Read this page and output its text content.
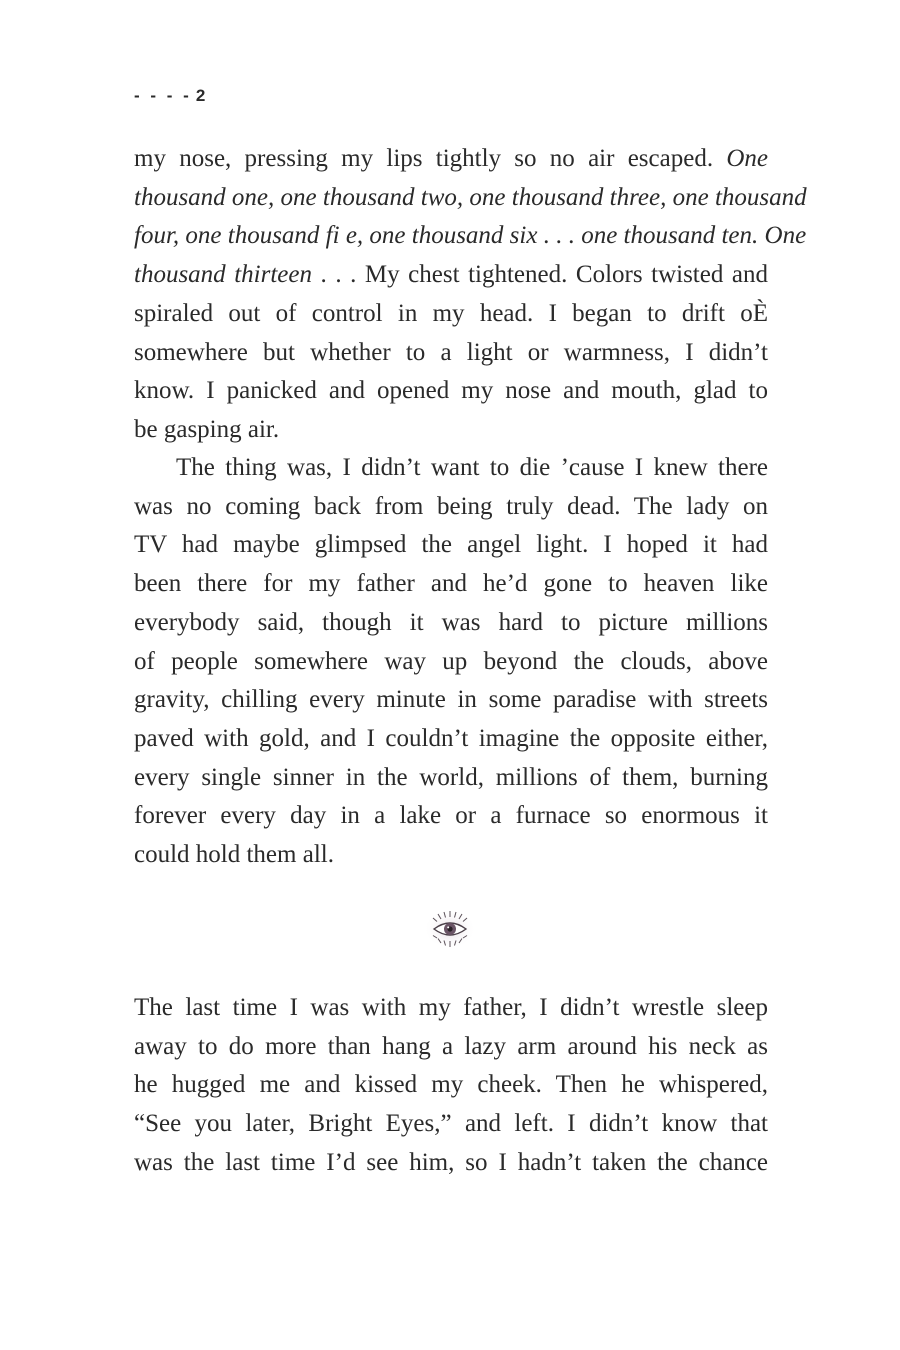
- - - - 2
my nose, pressing my lips tightly so no air escaped. One
thousand one, one thousand two, one thousand three, one thousand
four, one thousand fi e, one thousand six . . . one thousand ten. One
thousand thirteen . . . My chest tightened. Colors twisted and
spiraled out of control in my head. I began to drift oÈ
somewhere but whether to a light or warmness, I didn’t
know. I panicked and opened my nose and mouth, glad to
be gasping air.
The thing was, I didn’t want to die ’cause I knew there
was no coming back from being truly dead. The lady on
TV had maybe glimpsed the angel light. I hoped it had
been there for my father and he’d gone to heaven like
everybody said, though it was hard to picture millions
of people somewhere way up beyond the clouds, above
gravity, chilling every minute in some paradise with streets
paved with gold, and I couldn’t imagine the opposite either,
every single sinner in the world, millions of them, burning
forever every day in a lake or a furnace so enormous it
could hold them all.
The last time I was with my father, I didn’t wrestle sleep
away to do more than hang a lazy arm around his neck as
he hugged me and kissed my cheek. Then he whispered,
“See you later, Bright Eyes,” and left. I didn’t know that
was the last time I’d see him, so I hadn’t taken the chance
